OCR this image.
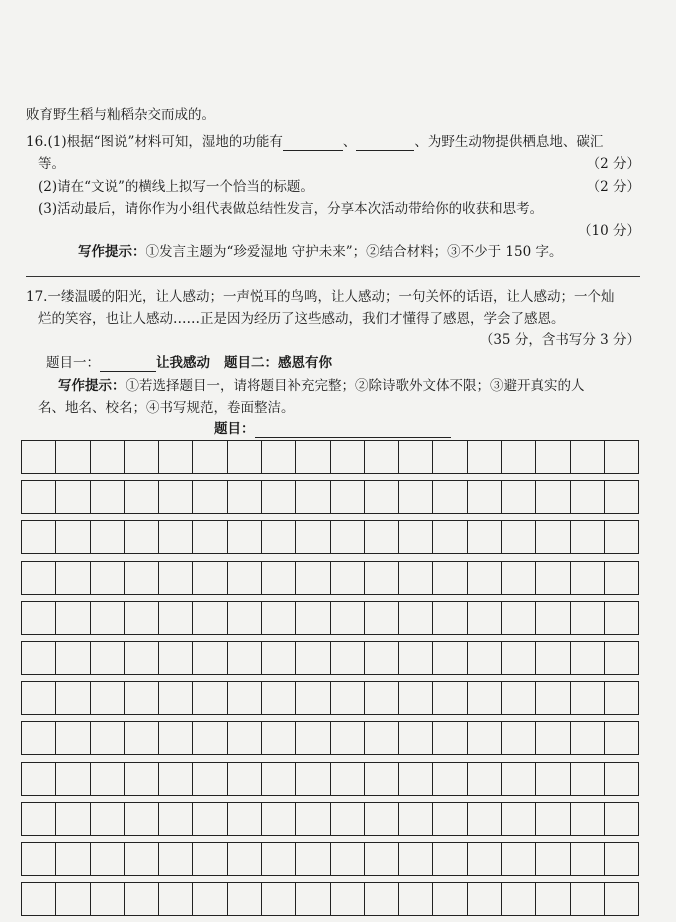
败育野生稻与籼稻杂交而成的。
16.(1)根据“图说”材料可知，湿地的功能有	、	、为野生动物提供栖息地、碳汇
等。	（2 分）
(2)请在“文说”的横线上拟写一个恰当的标题。	（2 分）
(3)活动最后，请你作为小组代表做总结性发言，分享本次活动带给你的收获和思考。
（10 分）
写作提示：①发言主题为“珍爱湿地 守护未来”；②结合材料；③不少于 150 字。
17.一缕温暖的阳光，让人感动；一声悦耳的鸟鸣，让人感动；一句关怀的话语，让人感动；一个灿
烂的笑容，也让人感动……正是因为经历了这些感动，我们才懂得了感恩，学会了感恩。
（35 分，含书写分 3 分）
题目一：	让我感动 题目二：感恩有你
写作提示：①若选择题目一，请将题目补充完整；②除诗歌外文体不限；③避开真实的人
名、地名、校名；④书写规范，卷面整洁。
题目：
